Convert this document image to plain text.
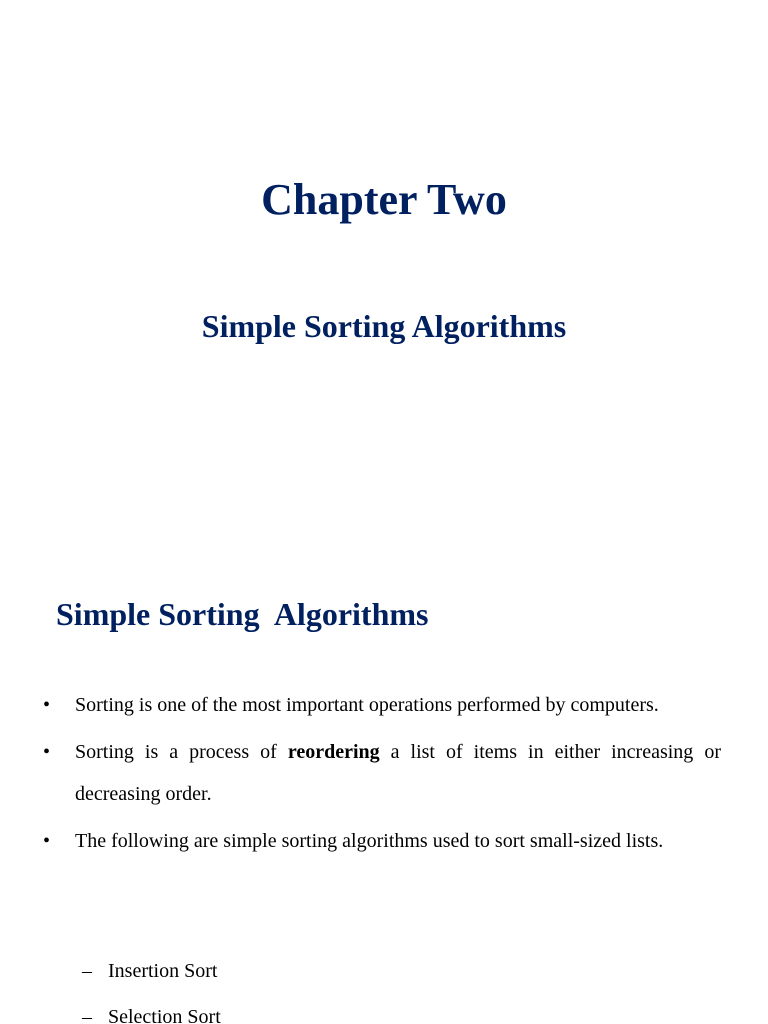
Chapter Two
Simple Sorting Algorithms
Simple Sorting  Algorithms
• Sorting is one of the most important operations performed by computers.
• Sorting is a process of reordering a list of items in either increasing or decreasing order.
• The following are simple sorting algorithms used to sort small-sized lists.
– Insertion Sort
– Selection Sort
